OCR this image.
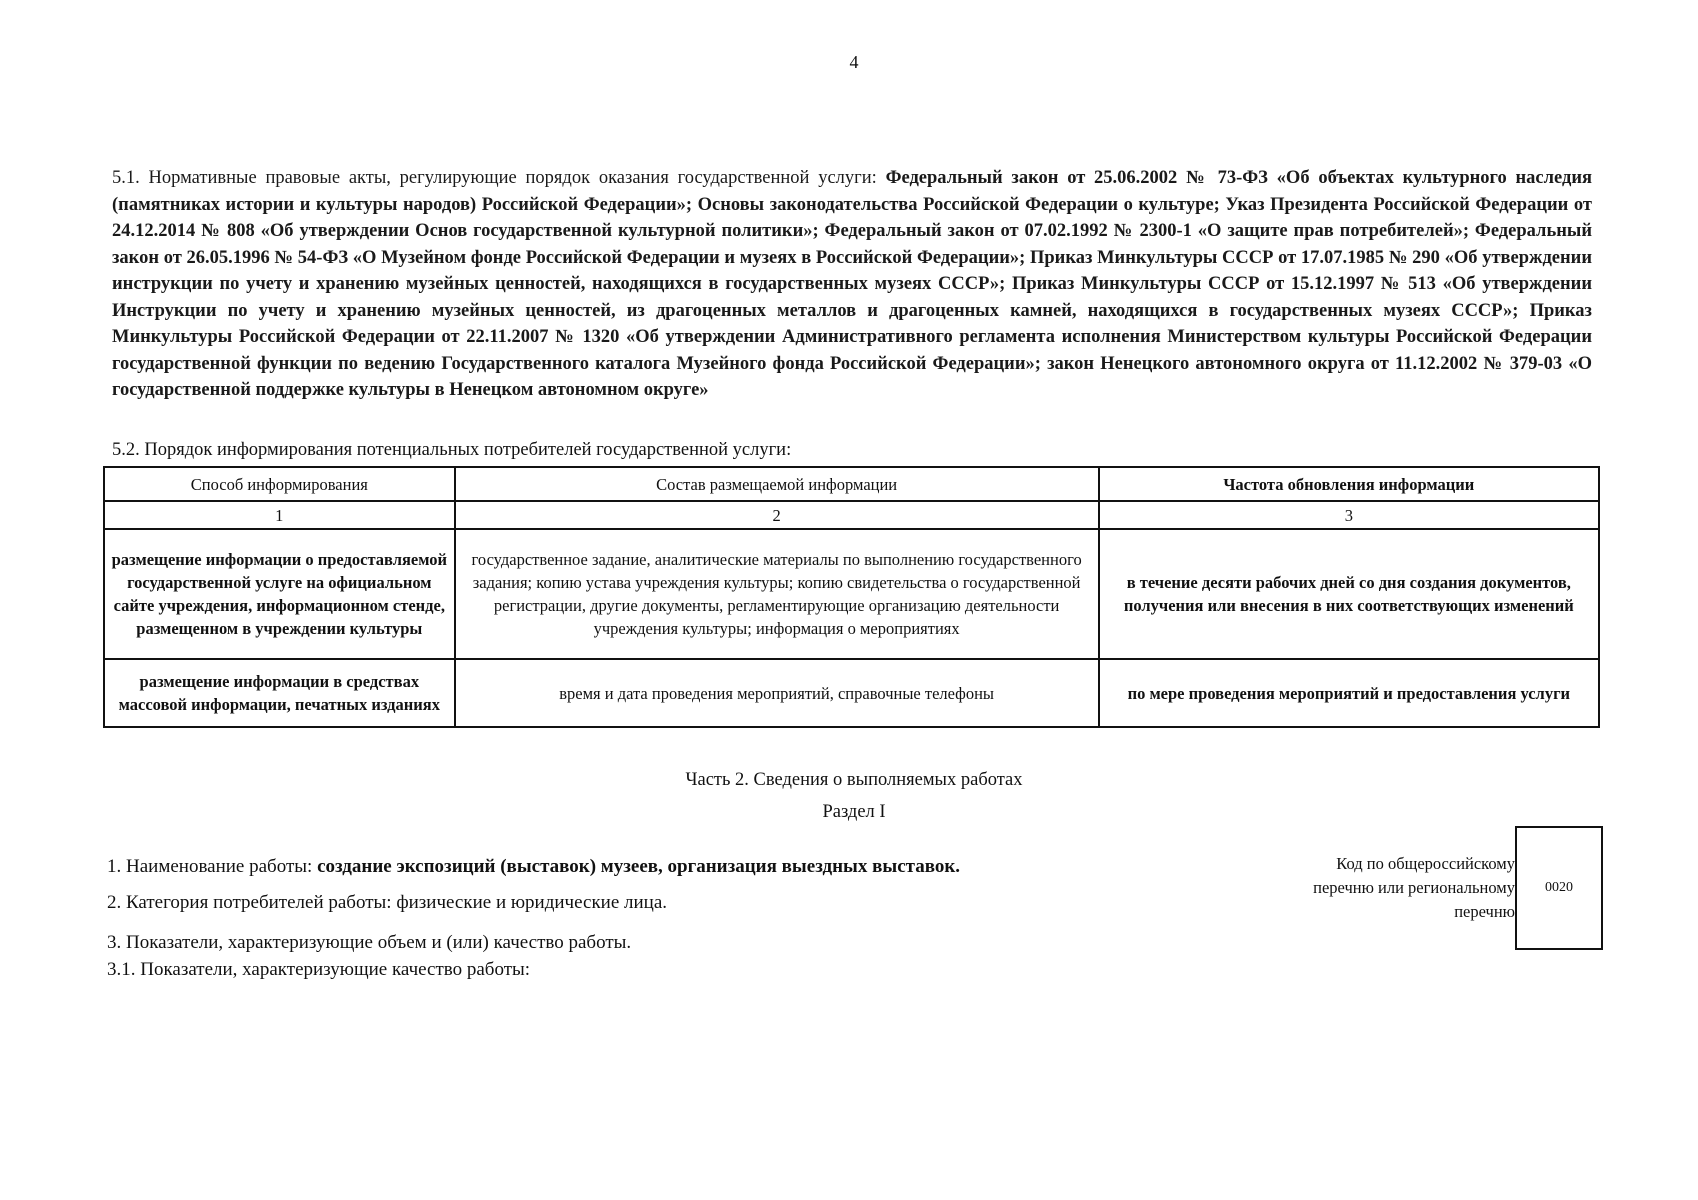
4
5.1. Нормативные правовые акты, регулирующие порядок оказания государственной услуги: Федеральный закон от 25.06.2002 № 73-ФЗ «Об объектах культурного наследия (памятниках истории и культуры народов) Российской Федерации»; Основы законодательства Российской Федерации о культуре; Указ Президента Российской Федерации от 24.12.2014 № 808 «Об утверждении Основ государственной культурной политики»; Федеральный закон от 07.02.1992 № 2300-1 «О защите прав потребителей»; Федеральный закон от 26.05.1996 № 54-ФЗ «О Музейном фонде Российской Федерации и музеях в Российской Федерации»; Приказ Минкультуры СССР от 17.07.1985 № 290 «Об утверждении инструкции по учету и хранению музейных ценностей, находящихся в государственных музеях СССР»; Приказ Минкультуры СССР от 15.12.1997 № 513 «Об утверждении Инструкции по учету и хранению музейных ценностей, из драгоценных металлов и драгоценных камней, находящихся в государственных музеях СССР»; Приказ Минкультуры Российской Федерации от 22.11.2007 № 1320 «Об утверждении Административного регламента исполнения Министерством культуры Российской Федерации государственной функции по ведению Государственного каталога Музейного фонда Российской Федерации»; закон Ненецкого автономного округа от 11.12.2002 № 379-03 «О государственной поддержке культуры в Ненецком автономном округе»
5.2. Порядок информирования потенциальных потребителей государственной услуги:
Способ информирования	Состав размещаемой информации	Частота обновления информации
1	2	3
размещение информации о предоставляемой государственной услуге на официальном сайте учреждения, информационном стенде, размещенном в учреждении культуры	государственное задание, аналитические материалы по выполнению государственного задания; копию устава учреждения культуры; копию свидетельства о государственной регистрации, другие документы, регламентирующие организацию деятельности учреждения культуры; информация о мероприятиях	в течение десяти рабочих дней со дня создания документов, получения или внесения в них соответствующих изменений
размещение информации в средствах массовой информации, печатных изданиях	время и дата проведения мероприятий, справочные телефоны	по мере проведения мероприятий и предоставления услуги
Часть 2. Сведения о выполняемых работах
Раздел I
1. Наименование работы: создание экспозиций (выставок) музеев, организация выездных выставок.
2. Категория потребителей работы: физические и юридические лица.
3. Показатели, характеризующие объем и (или) качество работы.
3.1. Показатели, характеризующие качество работы:
Код по общероссийскому перечню или региональному перечню
0020
